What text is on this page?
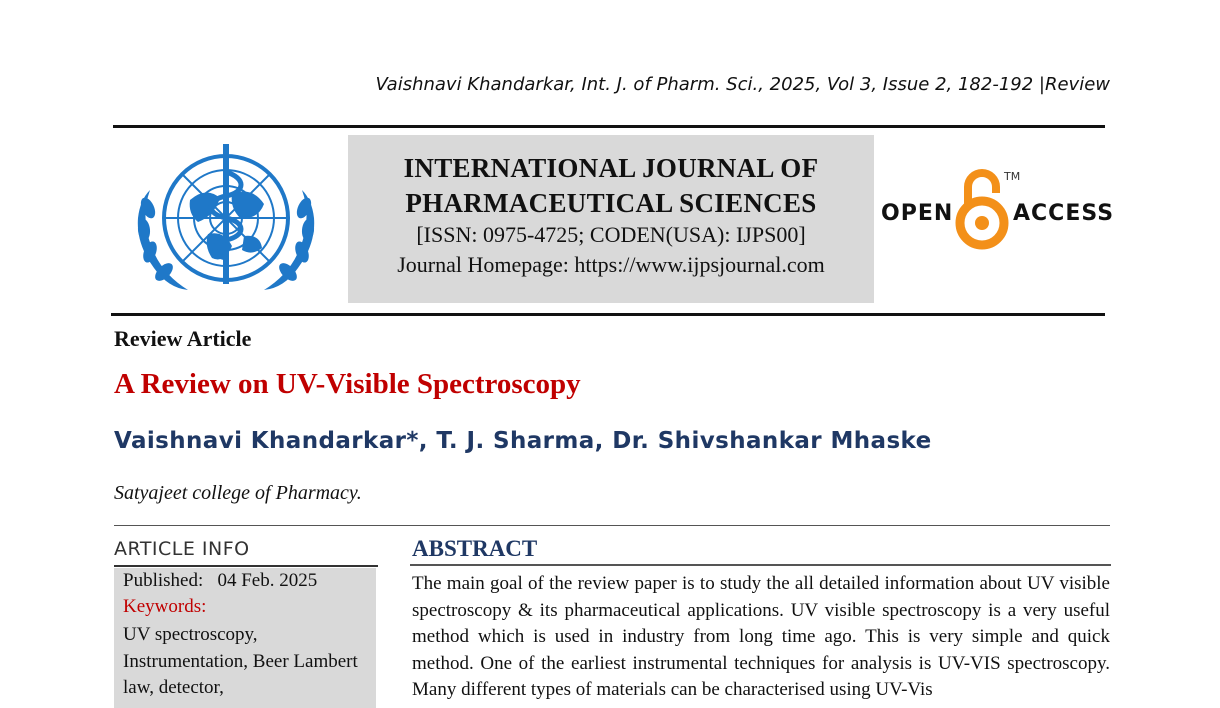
Vaishnavi Khandarkar, Int. J. of Pharm. Sci., 2025, Vol 3, Issue 2, 182-192 |Review
INTERNATIONAL JOURNAL OF
PHARMACEUTICAL SCIENCES
[ISSN: 0975-4725; CODEN(USA): IJPS00]
Journal Homepage: https://www.ijpsjournal.com
OPEN
TM
ACCESS
Review Article
A Review on UV-Visible Spectroscopy
Vaishnavi Khandarkar*, T. J. Sharma, Dr. Shivshankar Mhaske
Satyajeet college of Pharmacy.
ARTICLE INFO
Published:   04 Feb. 2025
Keywords:
UV spectroscopy, Instrumentation, Beer Lambert law, detector,
ABSTRACT
The main goal of the review paper is to study the all detailed information about UV visible spectroscopy & its pharmaceutical applications. UV visible spectroscopy is a very useful method which is used in industry from long time ago. This is very simple and quick method. One of the earliest instrumental techniques for analysis is UV-VIS spectroscopy. Many different types of materials can be characterised using UV-Vis
